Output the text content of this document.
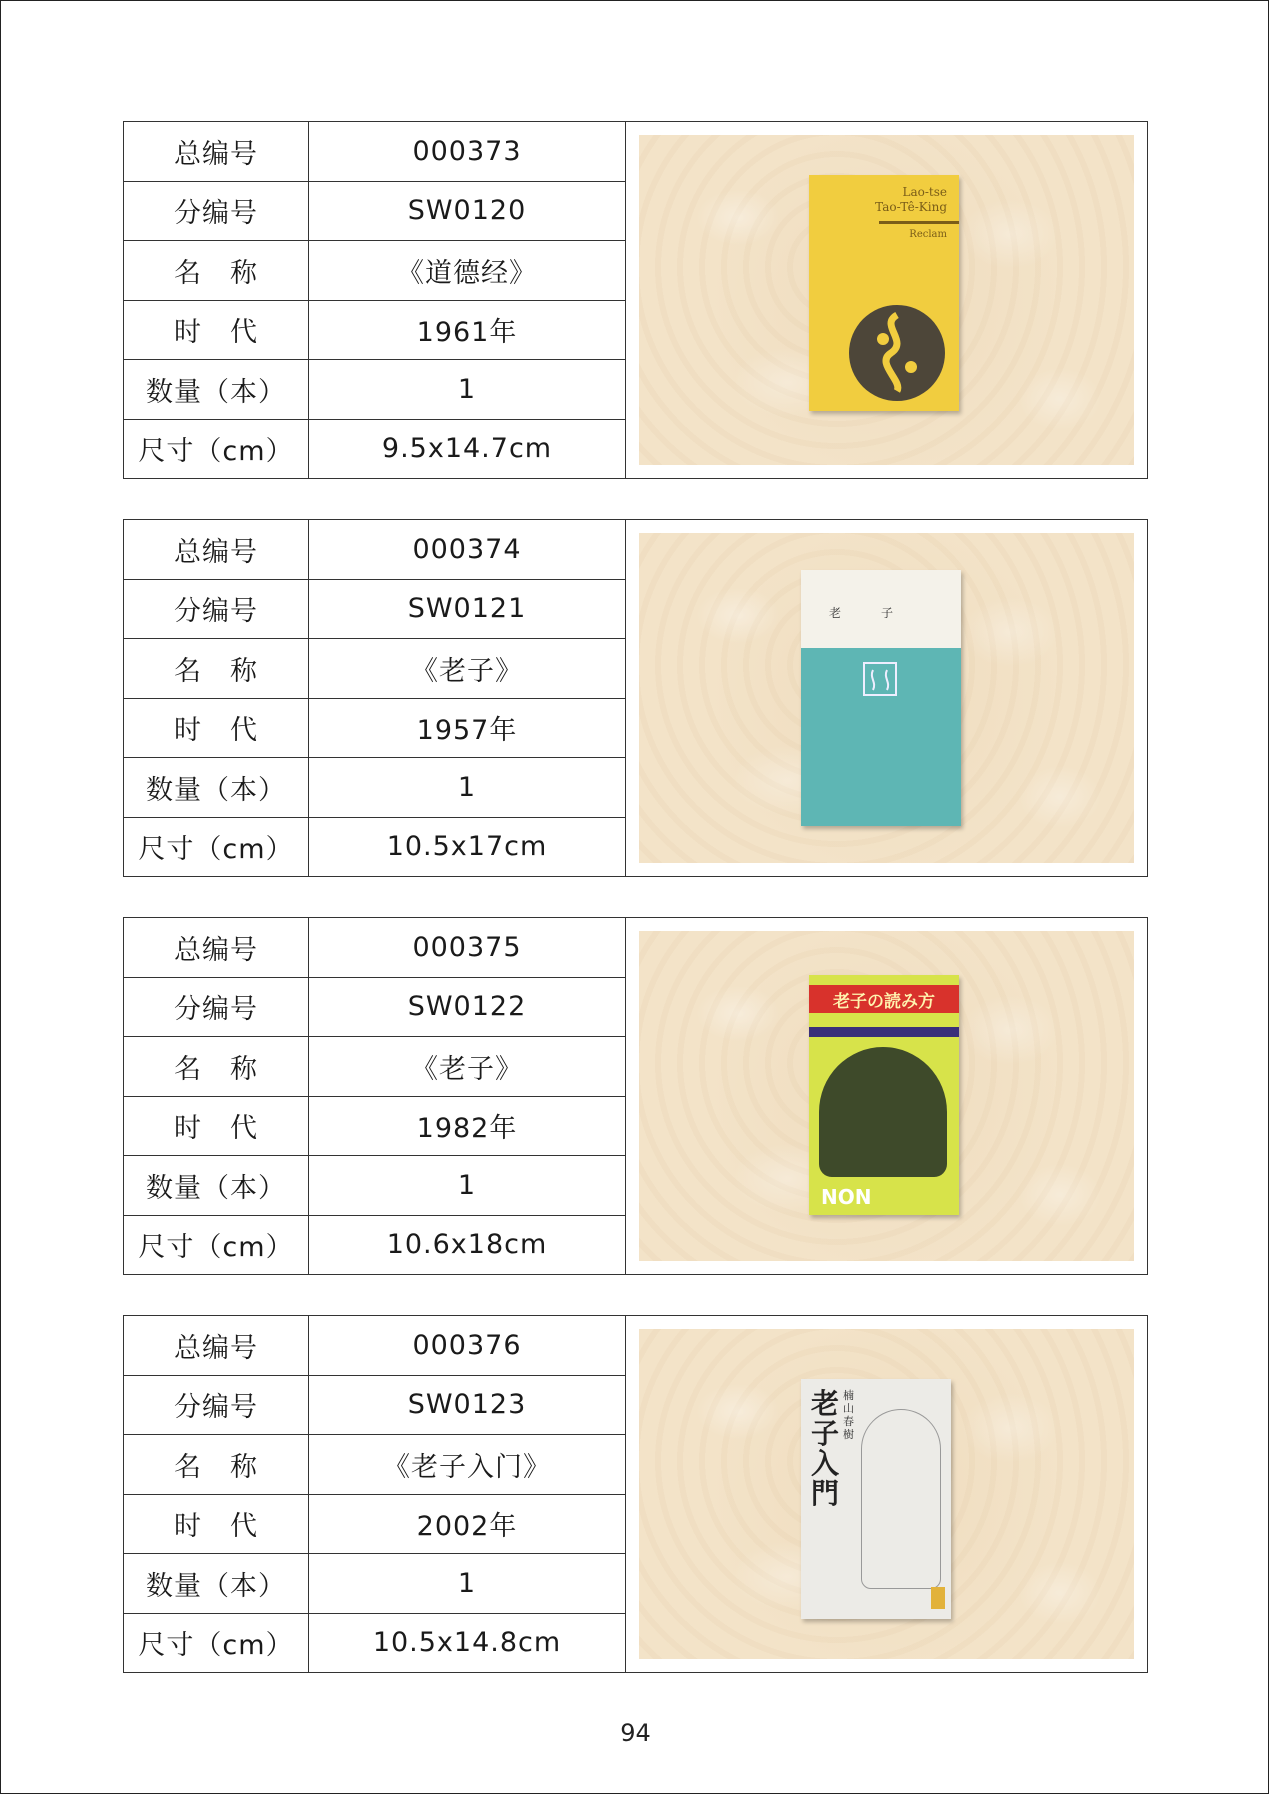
总编号	000373
分编号	SW0120
名　称	《道德经》
时　代	1961年
数量（本）	1
尺寸（cm）	9.5x14.7cm
Lao-tse
Tao-Tê-King
Reclam
总编号	000374
分编号	SW0121
名　称	《老子》
时　代	1957年
数量（本）	1
尺寸（cm）	10.5x17cm
老子
总编号	000375
分编号	SW0122
名　称	《老子》
时　代	1982年
数量（本）	1
尺寸（cm）	10.6x18cm
老子の読み方
NON
总编号	000376
分编号	SW0123
名　称	《老子入门》
时　代	2002年
数量（本）	1
尺寸（cm）	10.5x14.8cm
老子入門
楠山春樹
94
